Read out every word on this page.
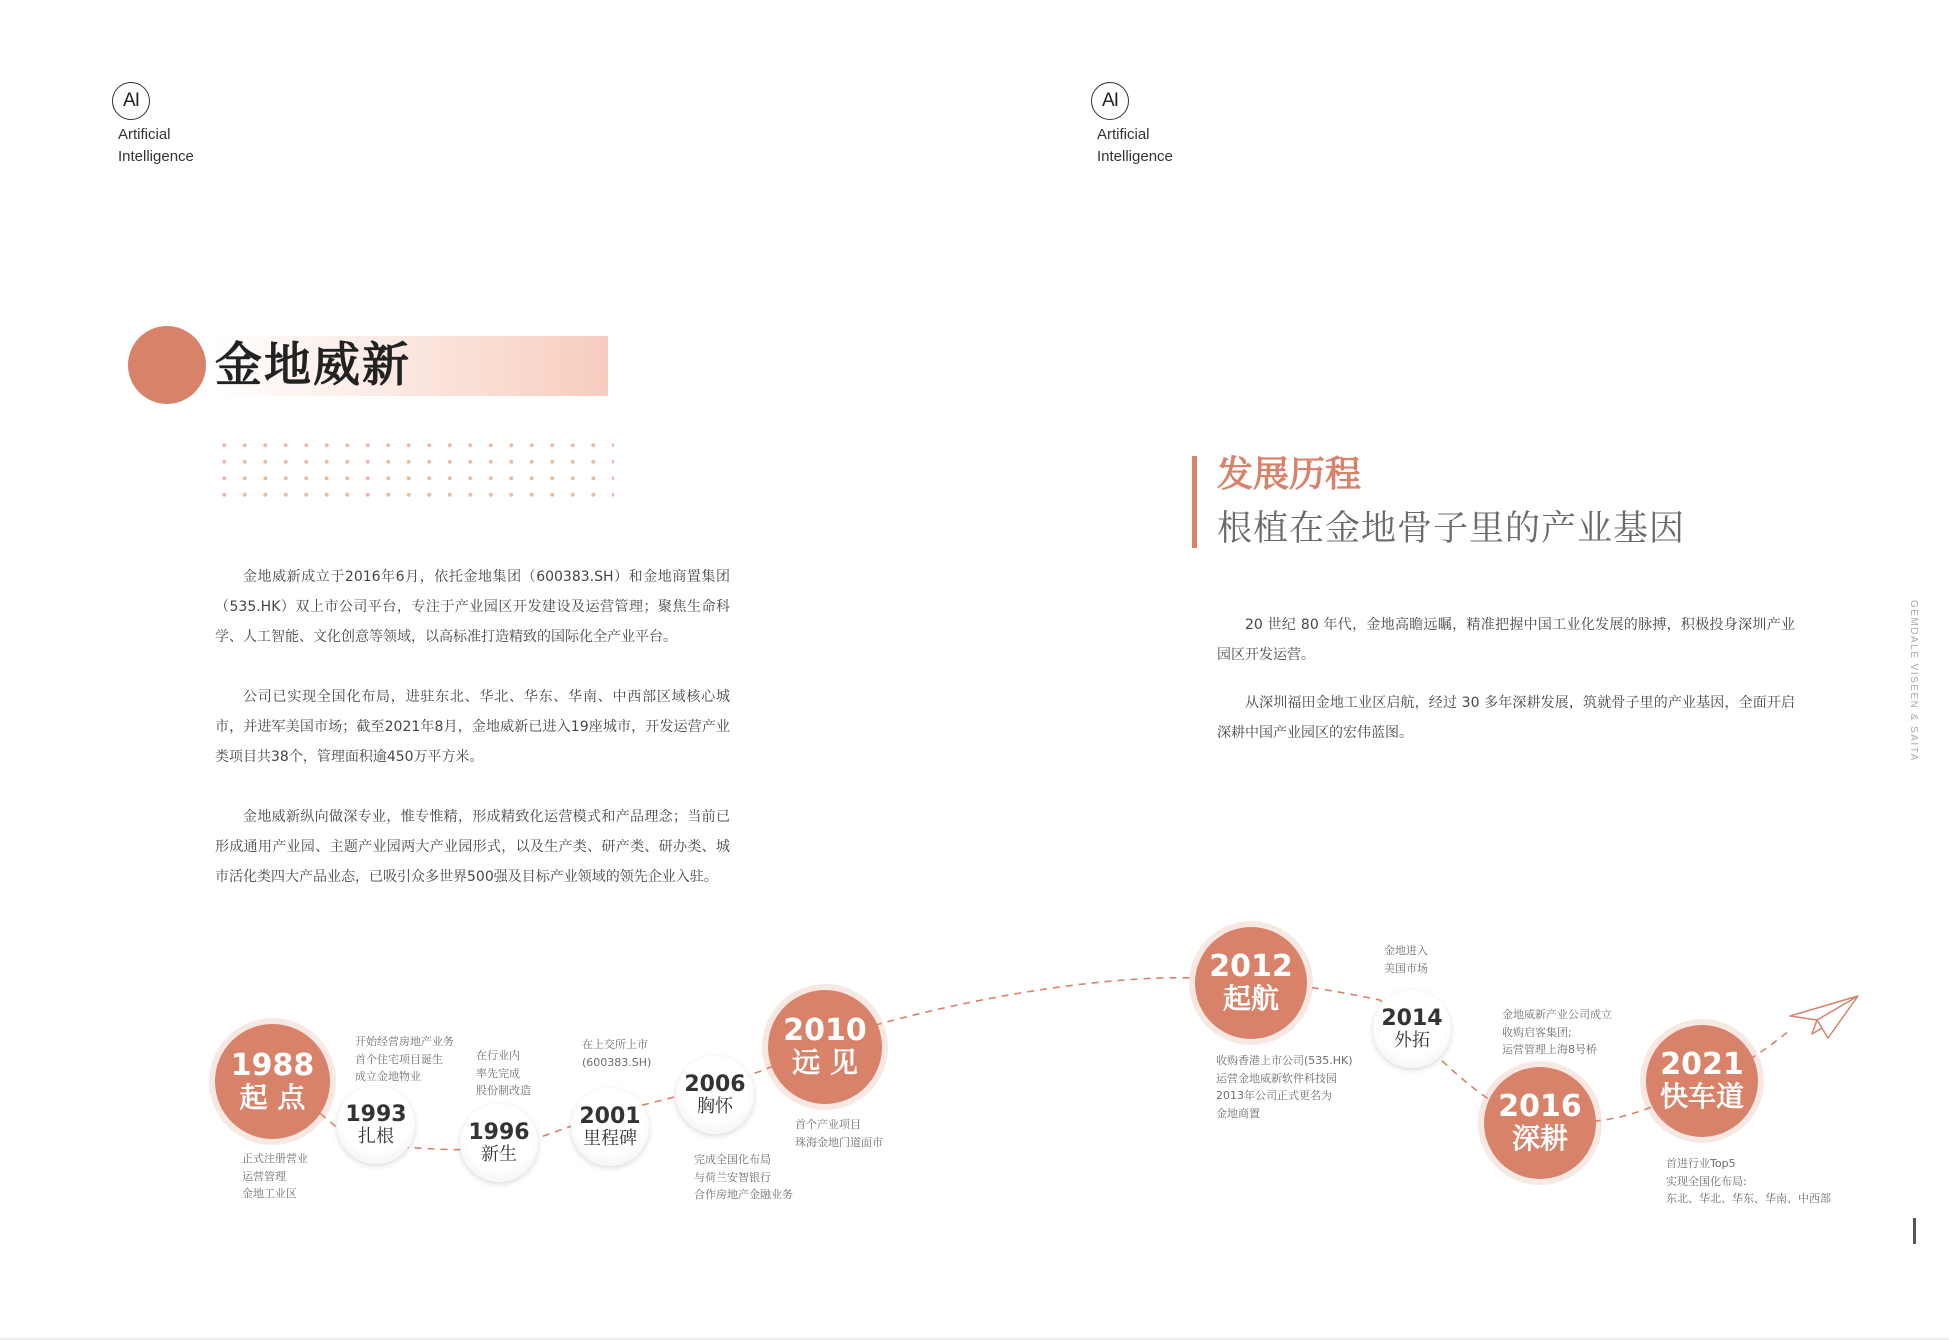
AI
Artificial
Intelligence
AI
Artificial
Intelligence
金地威新

金地威新成立于2016年6月，依托金地集团（600383.SH）和金地商置集团（535.HK）双上市公司平台，专注于产业园区开发建设及运营管理；聚焦生命科学、人工智能、文化创意等领域，以高标准打造精致的国际化全产业平台。

公司已实现全国化布局，进驻东北、华北、华东、华南、中西部区域核心城市，并进军美国市场；截至2021年8月，金地威新已进入19座城市，开发运营产业类项目共38个，管理面积逾450万平方米。

金地威新纵向做深专业，惟专惟精，形成精致化运营模式和产品理念；当前已形成通用产业园、主题产业园两大产业园形式，以及生产类、研产类、研办类、城市活化类四大产品业态，已吸引众多世界500强及目标产业领域的领先企业入驻。

发展历程
根植在金地骨子里的产业基因

20 世纪 80 年代，金地高瞻远瞩，精准把握中国工业化发展的脉搏，积极投身深圳产业园区开发运营。

从深圳福田金地工业区启航，经过 30 多年深耕发展，筑就骨子里的产业基因，全面开启深耕中国产业园区的宏伟蓝图。	GEMDALE VISEEN & SAITA
1988
起 点
1993
扎根	1996
新生
2001
里程碑
2006
胸怀
2010
远 见
2012
起航
2014
外拓
2016
深耕
2021
快车道
正式注册营业
运营管理
金地工业区
开始经营房地产业务
首个住宅项目诞生
成立金地物业
在行业内
率先完成
股份制改造
在上交所上市
(600383.SH)
完成全国化布局
与荷兰安智银行
合作房地产金融业务
首个产业项目
珠海金地门道面市
收购香港上市公司(535.HK)
运营金地威新软件科技园
2013年公司正式更名为
金地商置
金地进入
美国市场
金地威新产业公司成立
收购启客集团;
运营管理上海8号桥
首进行业Top5
实现全国化布局:
东北、华北、华东、华南、中西部
